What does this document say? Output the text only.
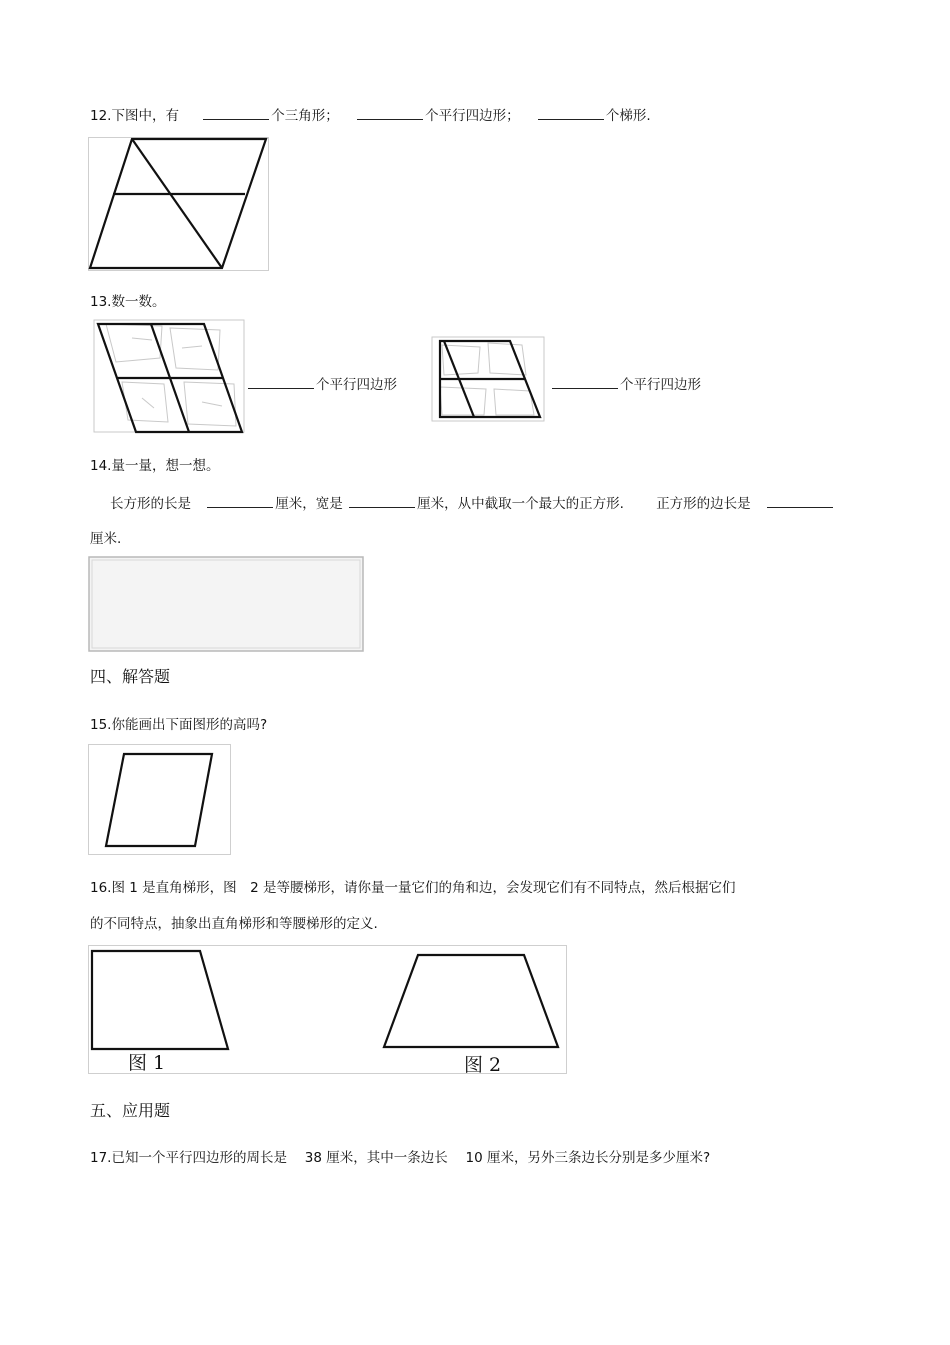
12.下图中，有	个三角形；	个平行四边形；	个梯形.
13.数一数。
个平行四边形	个平行四边形
14.量一量，想一想。
长方形的长是	厘米，宽是	厘米，从中截取一个最大的正方形. 正方形的边长是
厘米.
四、解答题
15.你能画出下面图形的高吗?
16.图 1 是直角梯形，图　2 是等腰梯形，请你量一量它们的角和边，会发现它们有不同特点，然后根据它们
的不同特点，抽象出直角梯形和等腰梯形的定义.
图 1	图 2
五、应用题
17.已知一个平行四边形的周长是　 38 厘米，其中一条边长　 10 厘米，另外三条边长分别是多少厘米?
